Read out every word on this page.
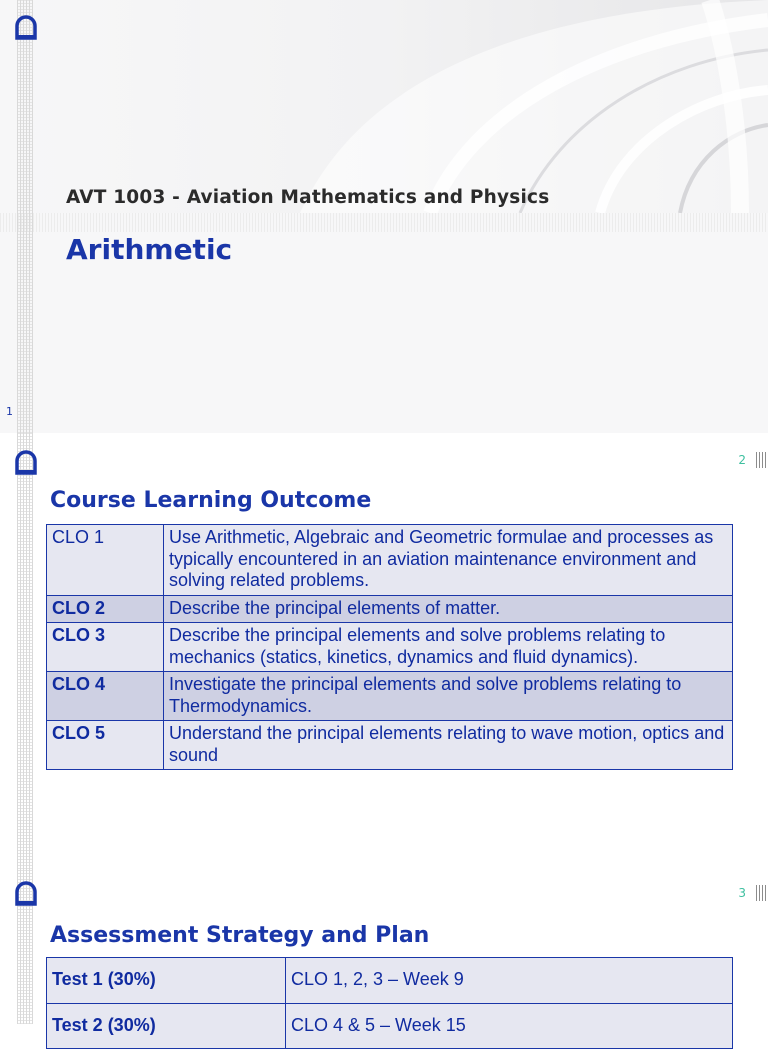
AVT 1003 - Aviation Mathematics and Physics
Arithmetic
1
2
Course Learning Outcome
CLO 1	Use Arithmetic, Algebraic and Geometric formulae and processes as typically encountered in an aviation maintenance environment and solving related problems.
CLO 2	Describe the principal elements of matter.
CLO 3	Describe the principal elements and solve problems relating to mechanics (statics, kinetics, dynamics and fluid dynamics).
CLO 4	Investigate the principal elements and solve problems relating to Thermodynamics.
CLO 5	Understand the principal elements relating to wave motion, optics and sound
3
Assessment Strategy and Plan
Test 1 (30%)	CLO 1, 2, 3 – Week 9
Test 2 (30%)	CLO 4 & 5 – Week 15
